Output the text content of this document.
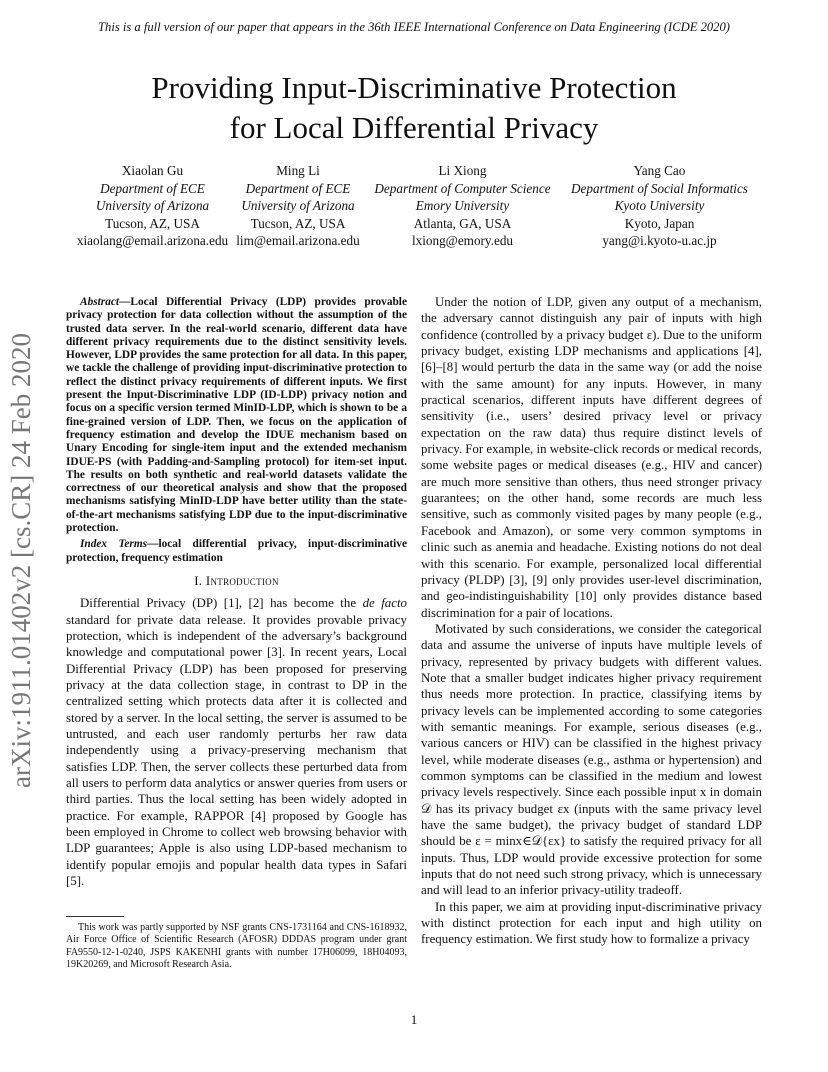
This is a full version of our paper that appears in the 36th IEEE International Conference on Data Engineering (ICDE 2020)
Providing Input-Discriminative Protection
for Local Differential Privacy
Xiaolan Gu
Department of ECE
University of Arizona
Tucson, AZ, USA
xiaolang@email.arizona.edu
Ming Li
Department of ECE
University of Arizona
Tucson, AZ, USA
lim@email.arizona.edu
Li Xiong
Department of Computer Science
Emory University
Atlanta, GA, USA
lxiong@emory.edu
Yang Cao
Department of Social Informatics
Kyoto University
Kyoto, Japan
yang@i.kyoto-u.ac.jp
arXiv:1911.01402v2 [cs.CR] 24 Feb 2020

Abstract—Local Differential Privacy (LDP) provides provable privacy protection for data collection without the assumption of the trusted data server. In the real-world scenario, different data have different privacy requirements due to the distinct sensitivity levels. However, LDP provides the same protection for all data. In this paper, we tackle the challenge of providing input-discriminative protection to reflect the distinct privacy requirements of different inputs. We first present the Input-Discriminative LDP (ID-LDP) privacy notion and focus on a specific version termed MinID-LDP, which is shown to be a fine-grained version of LDP. Then, we focus on the application of frequency estimation and develop the IDUE mechanism based on Unary Encoding for single-item input and the extended mechanism IDUE-PS (with Padding-and-Sampling protocol) for item-set input. The results on both synthetic and real-world datasets validate the correctness of our theoretical analysis and show that the proposed mechanisms satisfying MinID-LDP have better utility than the state-of-the-art mechanisms satisfying LDP due to the input-discriminative protection.

Index Terms—local differential privacy, input-discriminative protection, frequency estimation

I. Introduction

Differential Privacy (DP) [1], [2] has become the de facto standard for private data release. It provides provable privacy protection, which is independent of the adversary’s background knowledge and computational power [3]. In recent years, Local Differential Privacy (LDP) has been proposed for preserving privacy at the data collection stage, in contrast to DP in the centralized setting which protects data after it is collected and stored by a server. In the local setting, the server is assumed to be untrusted, and each user randomly perturbs her raw data independently using a privacy-preserving mechanism that satisfies LDP. Then, the server collects these perturbed data from all users to perform data analytics or answer queries from users or third parties. Thus the local setting has been widely adopted in practice. For example, RAPPOR [4] proposed by Google has been employed in Chrome to collect web browsing behavior with LDP guarantees; Apple is also using LDP-based mechanism to identify popular emojis and popular health data types in Safari [5].

This work was partly supported by NSF grants CNS-1731164 and CNS-1618932, Air Force Office of Scientific Research (AFOSR) DDDAS program under grant FA9550-12-1-0240, JSPS KAKENHI grants with number 17H06099, 18H04093, 19K20269, and Microsoft Research Asia.

Under the notion of LDP, given any output of a mechanism, the adversary cannot distinguish any pair of inputs with high confidence (controlled by a privacy budget ε). Due to the uniform privacy budget, existing LDP mechanisms and applications [4], [6]–[8] would perturb the data in the same way (or add the noise with the same amount) for any inputs. However, in many practical scenarios, different inputs have different degrees of sensitivity (i.e., users’ desired privacy level or privacy expectation on the raw data) thus require distinct levels of privacy. For example, in website-click records or medical records, some website pages or medical diseases (e.g., HIV and cancer) are much more sensitive than others, thus need stronger privacy guarantees; on the other hand, some records are much less sensitive, such as commonly visited pages by many people (e.g., Facebook and Amazon), or some very common symptoms in clinic such as anemia and headache. Existing notions do not deal with this scenario. For example, personalized local differential privacy (PLDP) [3], [9] only provides user-level discrimination, and geo-indistinguishability [10] only provides distance based discrimination for a pair of locations.

Motivated by such considerations, we consider the categorical data and assume the universe of inputs have multiple levels of privacy, represented by privacy budgets with different values. Note that a smaller budget indicates higher privacy requirement thus needs more protection. In practice, classifying items by privacy levels can be implemented according to some categories with semantic meanings. For example, serious diseases (e.g., various cancers or HIV) can be classified in the highest privacy level, while moderate diseases (e.g., asthma or hypertension) and common symptoms can be classified in the medium and lowest privacy levels respectively. Since each possible input x in domain 𝒟 has its privacy budget εx (inputs with the same privacy level have the same budget), the privacy budget of standard LDP should be ε = minx∈𝒟{εx} to satisfy the required privacy for all inputs. Thus, LDP would provide excessive protection for some inputs that do not need such strong privacy, which is unnecessary and will lead to an inferior privacy-utility tradeoff.

In this paper, we aim at providing input-discriminative privacy with distinct protection for each input and high utility on frequency estimation. We first study how to formalize a privacy

1
